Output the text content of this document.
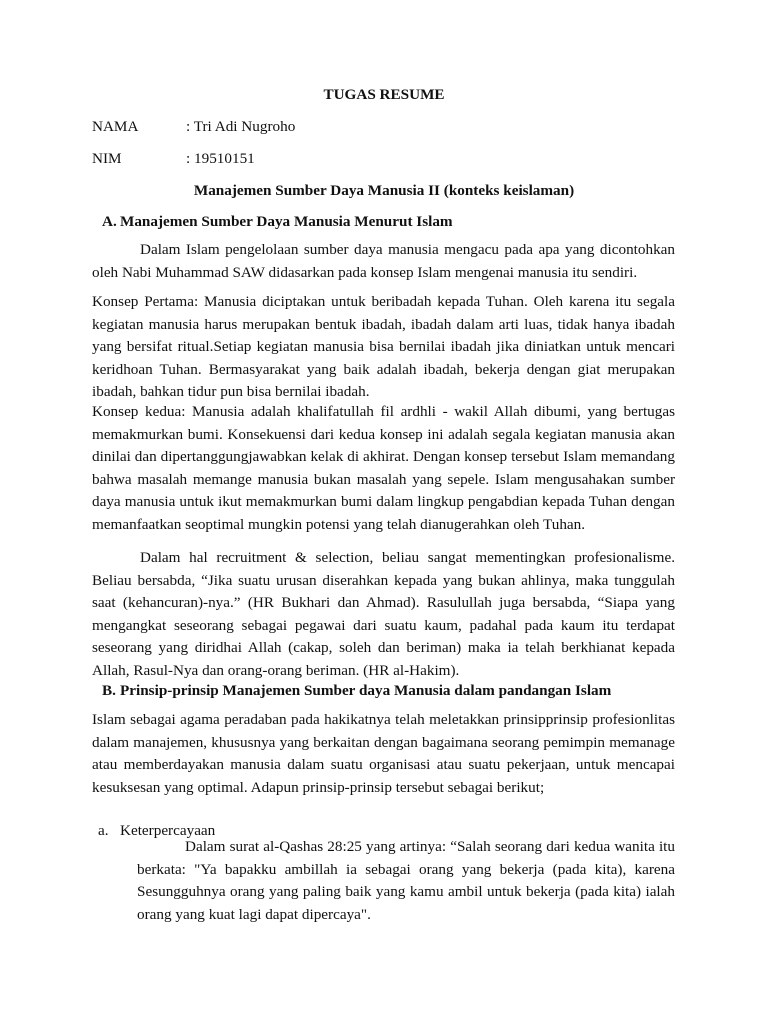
TUGAS RESUME
NAMA	: Tri Adi Nugroho
NIM	: 19510151
Manajemen Sumber Daya Manusia II (konteks keislaman)
A. Manajemen Sumber Daya Manusia Menurut Islam
Dalam Islam pengelolaan sumber daya manusia mengacu pada apa yang dicontohkan oleh Nabi Muhammad SAW didasarkan pada konsep Islam mengenai manusia itu sendiri.
Konsep Pertama: Manusia diciptakan untuk beribadah kepada Tuhan. Oleh karena itu segala kegiatan manusia harus merupakan bentuk ibadah, ibadah dalam arti luas, tidak hanya ibadah yang bersifat ritual.Setiap kegiatan manusia bisa bernilai ibadah jika diniatkan untuk mencari keridhoan Tuhan. Bermasyarakat yang baik adalah ibadah, bekerja dengan giat merupakan ibadah, bahkan tidur pun bisa bernilai ibadah.
Konsep kedua: Manusia adalah khalifatullah fil ardhli - wakil Allah dibumi, yang bertugas memakmurkan bumi. Konsekuensi dari kedua konsep ini adalah segala kegiatan manusia akan dinilai dan dipertanggungjawabkan kelak di akhirat. Dengan konsep tersebut Islam memandang bahwa masalah memange manusia bukan masalah yang sepele. Islam mengusahakan sumber daya manusia untuk ikut memakmurkan bumi dalam lingkup pengabdian kepada Tuhan dengan memanfaatkan seoptimal mungkin potensi yang telah dianugerahkan oleh Tuhan.
Dalam hal recruitment & selection, beliau sangat mementingkan profesionalisme. Beliau bersabda, “Jika suatu urusan diserahkan kepada yang bukan ahlinya, maka tunggulah saat (kehancuran)-nya.” (HR Bukhari dan Ahmad). Rasulullah juga bersabda, “Siapa yang mengangkat seseorang sebagai pegawai dari suatu kaum, padahal pada kaum itu terdapat seseorang yang diridhai Allah (cakap, soleh dan beriman) maka ia telah berkhianat kepada Allah, Rasul-Nya dan orang-orang beriman. (HR al-Hakim).
B. Prinsip-prinsip Manajemen Sumber daya Manusia dalam pandangan Islam
Islam sebagai agama peradaban pada hakikatnya telah meletakkan prinsipprinsip profesionlitas dalam manajemen, khususnya yang berkaitan dengan bagaimana seorang pemimpin memanage atau memberdayakan manusia dalam suatu organisasi atau suatu pekerjaan, untuk mencapai kesuksesan yang optimal. Adapun prinsip-prinsip tersebut sebagai berikut;
a. Keterpercayaan
Dalam surat al-Qashas 28:25 yang artinya: “Salah seorang dari kedua wanita itu berkata: "Ya bapakku ambillah ia sebagai orang yang bekerja (pada kita), karena Sesungguhnya orang yang paling baik yang kamu ambil untuk bekerja (pada kita) ialah orang yang kuat lagi dapat dipercaya".
